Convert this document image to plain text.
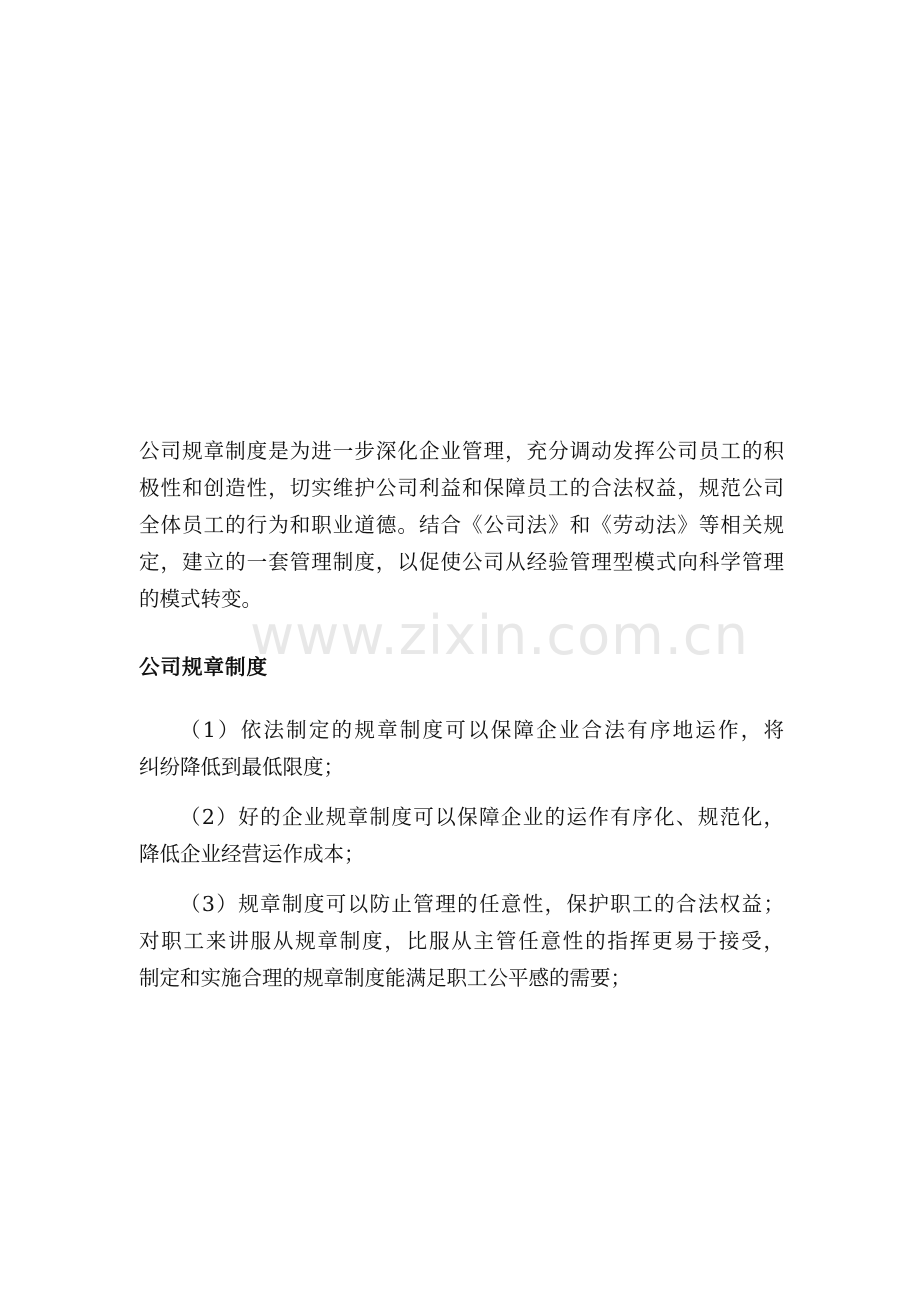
公司规章制度是为进一步深化企业管理，充分调动发挥公司员工的积
极性和创造性，切实维护公司利益和保障员工的合法权益，规范公司
全体员工的行为和职业道德。结合《公司法》和《劳动法》等相关规
定，建立的一套管理制度，以促使公司从经验管理型模式向科学管理
的模式转变。
公司规章制度
（1）依法制定的规章制度可以保障企业合法有序地运作，将
纠纷降低到最低限度；
（2）好的企业规章制度可以保障企业的运作有序化、规范化，
降低企业经营运作成本；
（3）规章制度可以防止管理的任意性，保护职工的合法权益；
对职工来讲服从规章制度，比服从主管任意性的指挥更易于接受，
制定和实施合理的规章制度能满足职工公平感的需要；
www.zixin.com.cn
